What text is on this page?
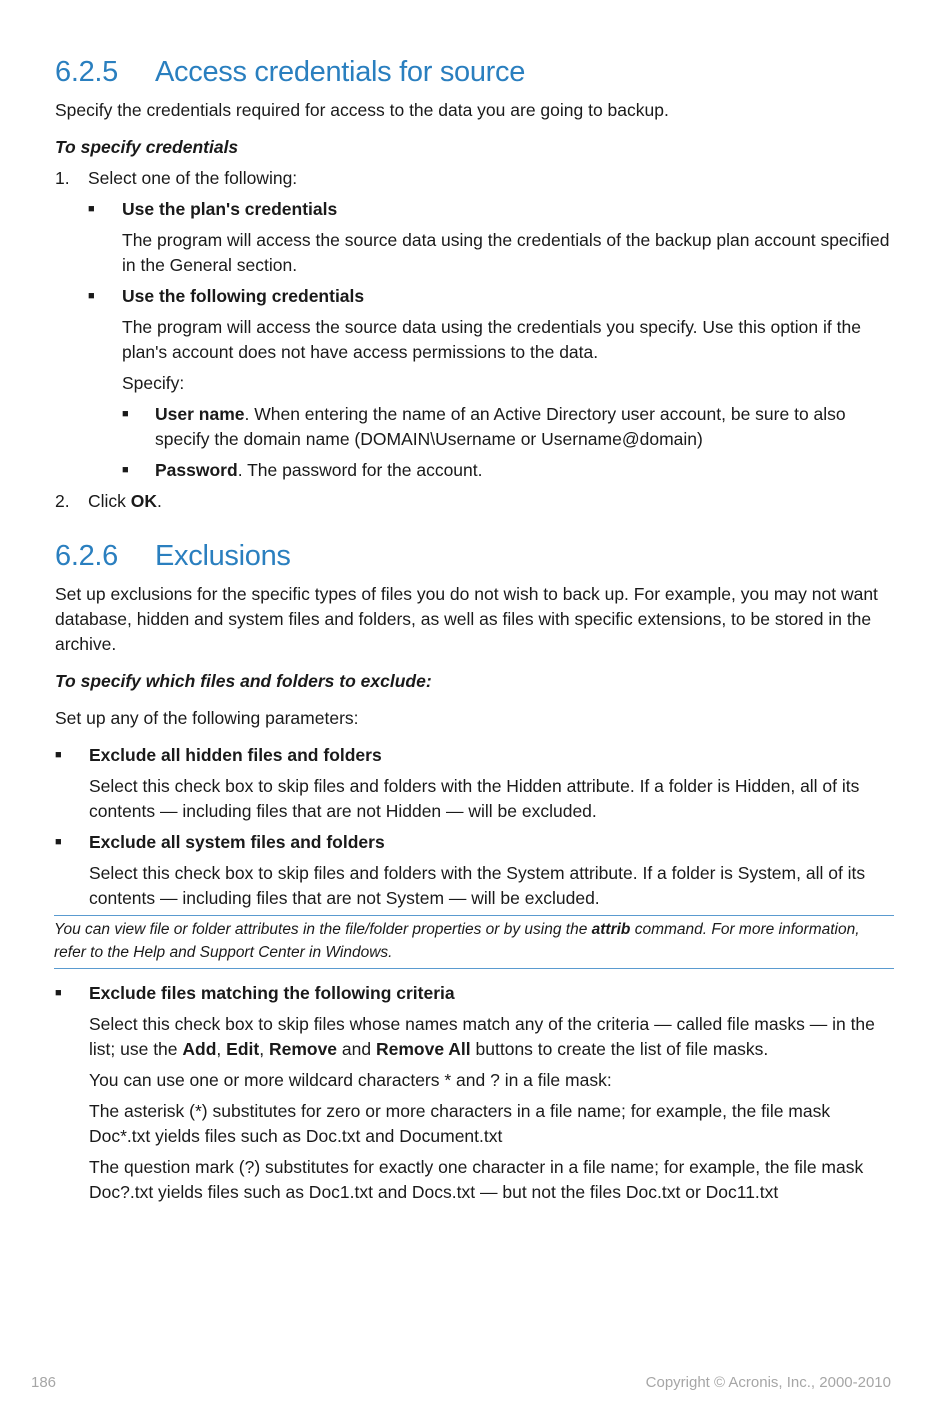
6.2.5	Access credentials for source

Specify the credentials required for access to the data you are going to backup.

To specify credentials

1.	Select one of the following:
■	Use the plan's credentials

The program will access the source data using the credentials of the backup plan account specified in the General section.

■	Use the following credentials

The program will access the source data using the credentials you specify. Use this option if the plan's account does not have access permissions to the data.

Specify:

■	User name. When entering the name of an Active Directory user account, be sure to also specify the domain name (DOMAIN\Username or Username@domain)
■	Password. The password for the account.
2.	Click OK.
6.2.6	Exclusions

Set up exclusions for the specific types of files you do not wish to back up. For example, you may not want database, hidden and system files and folders, as well as files with specific extensions, to be stored in the archive.

To specify which files and folders to exclude:

Set up any of the following parameters:

■	Exclude all hidden files and folders

Select this check box to skip files and folders with the Hidden attribute. If a folder is Hidden, all of its contents — including files that are not Hidden — will be excluded.

■	Exclude all system files and folders

Select this check box to skip files and folders with the System attribute. If a folder is System, all of its contents — including files that are not System — will be excluded.

You can view file or folder attributes in the file/folder properties or by using the attrib command. For more information, refer to the Help and Support Center in Windows.
■	Exclude files matching the following criteria

Select this check box to skip files whose names match any of the criteria — called file masks — in the list; use the Add, Edit, Remove and Remove All buttons to create the list of file masks.

You can use one or more wildcard characters * and ? in a file mask:

The asterisk (*) substitutes for zero or more characters in a file name; for example, the file mask Doc*.txt yields files such as Doc.txt and Document.txt

The question mark (?) substitutes for exactly one character in a file name; for example, the file mask Doc?.txt yields files such as Doc1.txt and Docs.txt — but not the files Doc.txt or Doc11.txt

186	Copyright © Acronis, Inc., 2000-2010
